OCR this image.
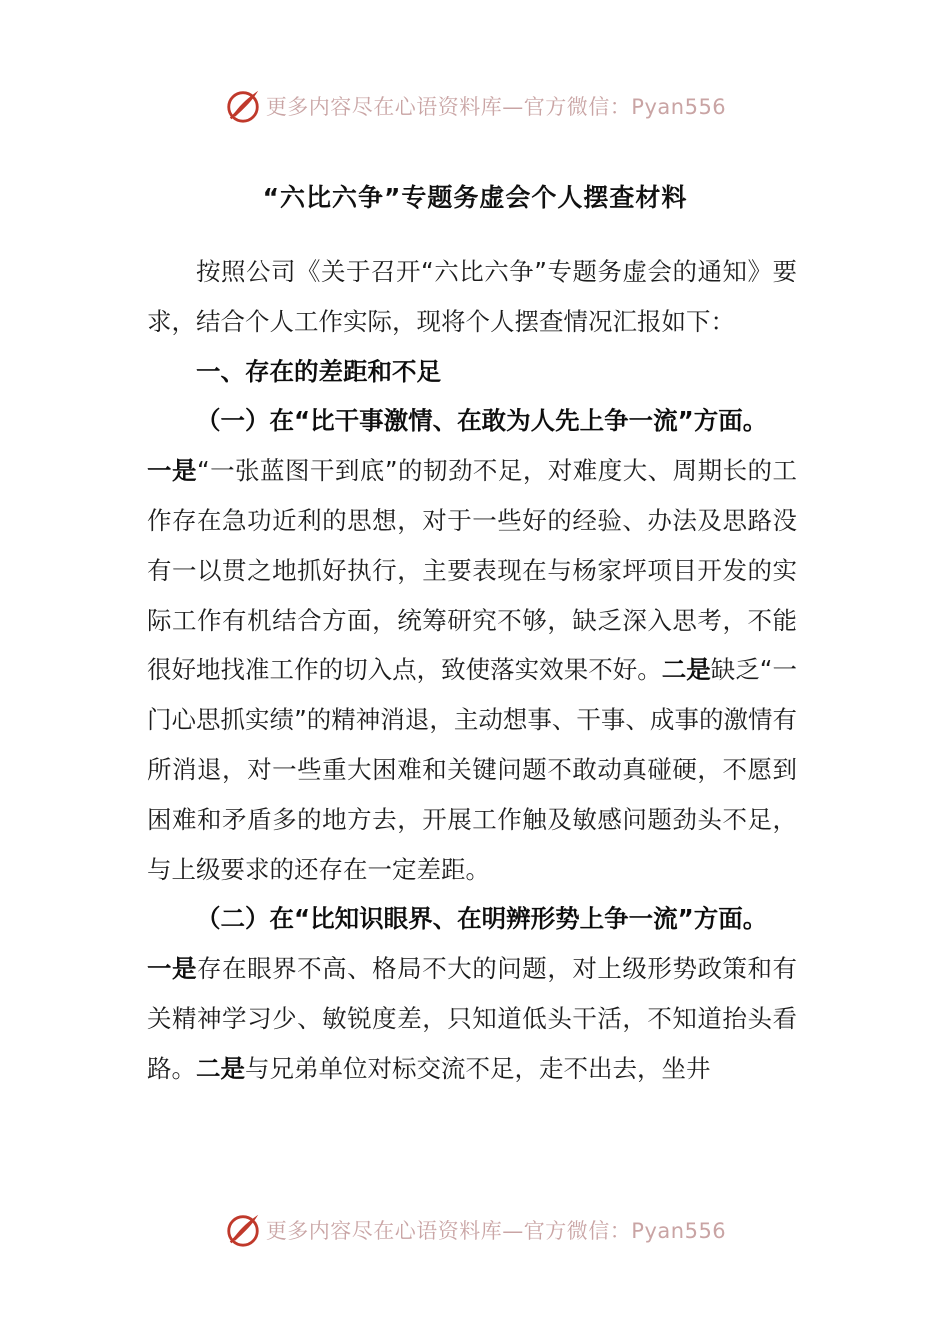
更多内容尽在心语资料库—官方微信：Pyan556
“六比六争”专题务虚会个人摆查材料

按照公司《关于召开“六比六争”专题务虚会的通知》要求，结合个人工作实际，现将个人摆查情况汇报如下：

一、存在的差距和不足

（一）在“比干事激情、在敢为人先上争一流”方面。

一是“一张蓝图干到底”的韧劲不足，对难度大、周期长的工作存在急功近利的思想，对于一些好的经验、办法及思路没有一以贯之地抓好执行，主要表现在与杨家坪项目开发的实际工作有机结合方面，统筹研究不够，缺乏深入思考，不能很好地找准工作的切入点，致使落实效果不好。二是缺乏“一门心思抓实绩”的精神消退，主动想事、干事、成事的激情有所消退，对一些重大困难和关键问题不敢动真碰硬，不愿到困难和矛盾多的地方去，开展工作触及敏感问题劲头不足，与上级要求的还存在一定差距。

（二）在“比知识眼界、在明辨形势上争一流”方面。

一是存在眼界不高、格局不大的问题，对上级形势政策和有关精神学习少、敏锐度差，只知道低头干活，不知道抬头看路。二是与兄弟单位对标交流不足，走不出去，坐井

更多内容尽在心语资料库—官方微信：Pyan556
